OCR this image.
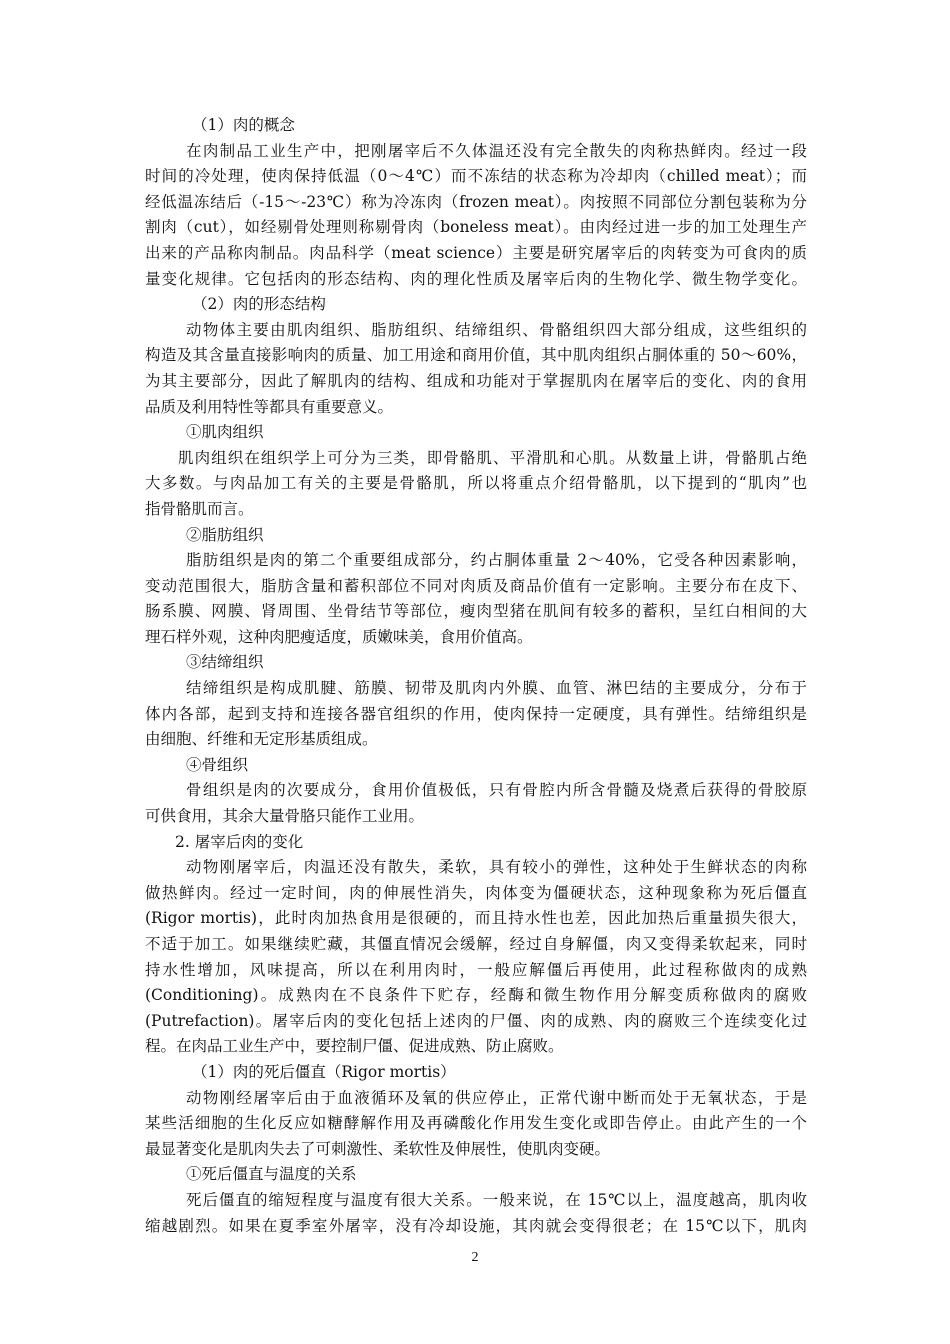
（1）肉的概念
在肉制品工业生产中，把刚屠宰后不久体温还没有完全散失的肉称热鲜肉。经过一段
时间的冷处理，使肉保持低温（0～4℃）而不冻结的状态称为冷却肉（chilled meat）；而
经低温冻结后（-15～-23℃）称为冷冻肉（frozen meat）。肉按照不同部位分割包装称为分
割肉（cut），如经剔骨处理则称剔骨肉（boneless meat）。由肉经过进一步的加工处理生产
出来的产品称肉制品。肉品科学（meat science）主要是研究屠宰后的肉转变为可食肉的质
量变化规律。它包括肉的形态结构、肉的理化性质及屠宰后肉的生物化学、微生物学变化。
（2）肉的形态结构
动物体主要由肌肉组织、脂肪组织、结缔组织、骨骼组织四大部分组成，这些组织的
构造及其含量直接影响肉的质量、加工用途和商用价值，其中肌肉组织占胴体重的 50～60%，
为其主要部分，因此了解肌肉的结构、组成和功能对于掌握肌肉在屠宰后的变化、肉的食用
品质及利用特性等都具有重要意义。
①肌肉组织
肌肉组织在组织学上可分为三类，即骨骼肌、平滑肌和心肌。从数量上讲，骨骼肌占绝
大多数。与肉品加工有关的主要是骨骼肌，所以将重点介绍骨骼肌，以下提到的“肌肉”也
指骨骼肌而言。
②脂肪组织
脂肪组织是肉的第二个重要组成部分，约占胴体重量 2～40%，它受各种因素影响，
变动范围很大，脂肪含量和蓄积部位不同对肉质及商品价值有一定影响。主要分布在皮下、
肠系膜、网膜、肾周围、坐骨结节等部位，瘦肉型猪在肌间有较多的蓄积，呈红白相间的大
理石样外观，这种肉肥瘦适度，质嫩味美，食用价值高。
③结缔组织
结缔组织是构成肌腱、筋膜、韧带及肌肉内外膜、血管、淋巴结的主要成分，分布于
体内各部，起到支持和连接各器官组织的作用，使肉保持一定硬度，具有弹性。结缔组织是
由细胞、纤维和无定形基质组成。
④骨组织
骨组织是肉的次要成分，食用价值极低，只有骨腔内所含骨髓及烧煮后获得的骨胶原
可供食用，其余大量骨胳只能作工业用。
2. 屠宰后肉的变化
动物刚屠宰后，肉温还没有散失，柔软，具有较小的弹性，这种处于生鲜状态的肉称
做热鲜肉。经过一定时间，肉的伸展性消失，肉体变为僵硬状态，这种现象称为死后僵直
(Rigor mortis)，此时肉加热食用是很硬的，而且持水性也差，因此加热后重量损失很大，
不适于加工。如果继续贮藏，其僵直情况会缓解，经过自身解僵，肉又变得柔软起来，同时
持水性增加，风味提高，所以在利用肉时，一般应解僵后再使用，此过程称做肉的成熟
(Conditioning)。成熟肉在不良条件下贮存，经酶和微生物作用分解变质称做肉的腐败
(Putrefaction)。屠宰后肉的变化包括上述肉的尸僵、肉的成熟、肉的腐败三个连续变化过
程。在肉品工业生产中，要控制尸僵、促进成熟、防止腐败。
（1）肉的死后僵直（Rigor mortis）
动物刚经屠宰后由于血液循环及氧的供应停止，正常代谢中断而处于无氧状态，于是
某些活细胞的生化反应如糖酵解作用及再磷酸化作用发生变化或即告停止。由此产生的一个
最显著变化是肌肉失去了可刺激性、柔软性及伸展性，使肌肉变硬。
①死后僵直与温度的关系
死后僵直的缩短程度与温度有很大关系。一般来说，在 15℃以上，温度越高，肌肉收
缩越剧烈。如果在夏季室外屠宰，没有冷却设施，其肉就会变得很老；在 15℃以下，肌肉
2
